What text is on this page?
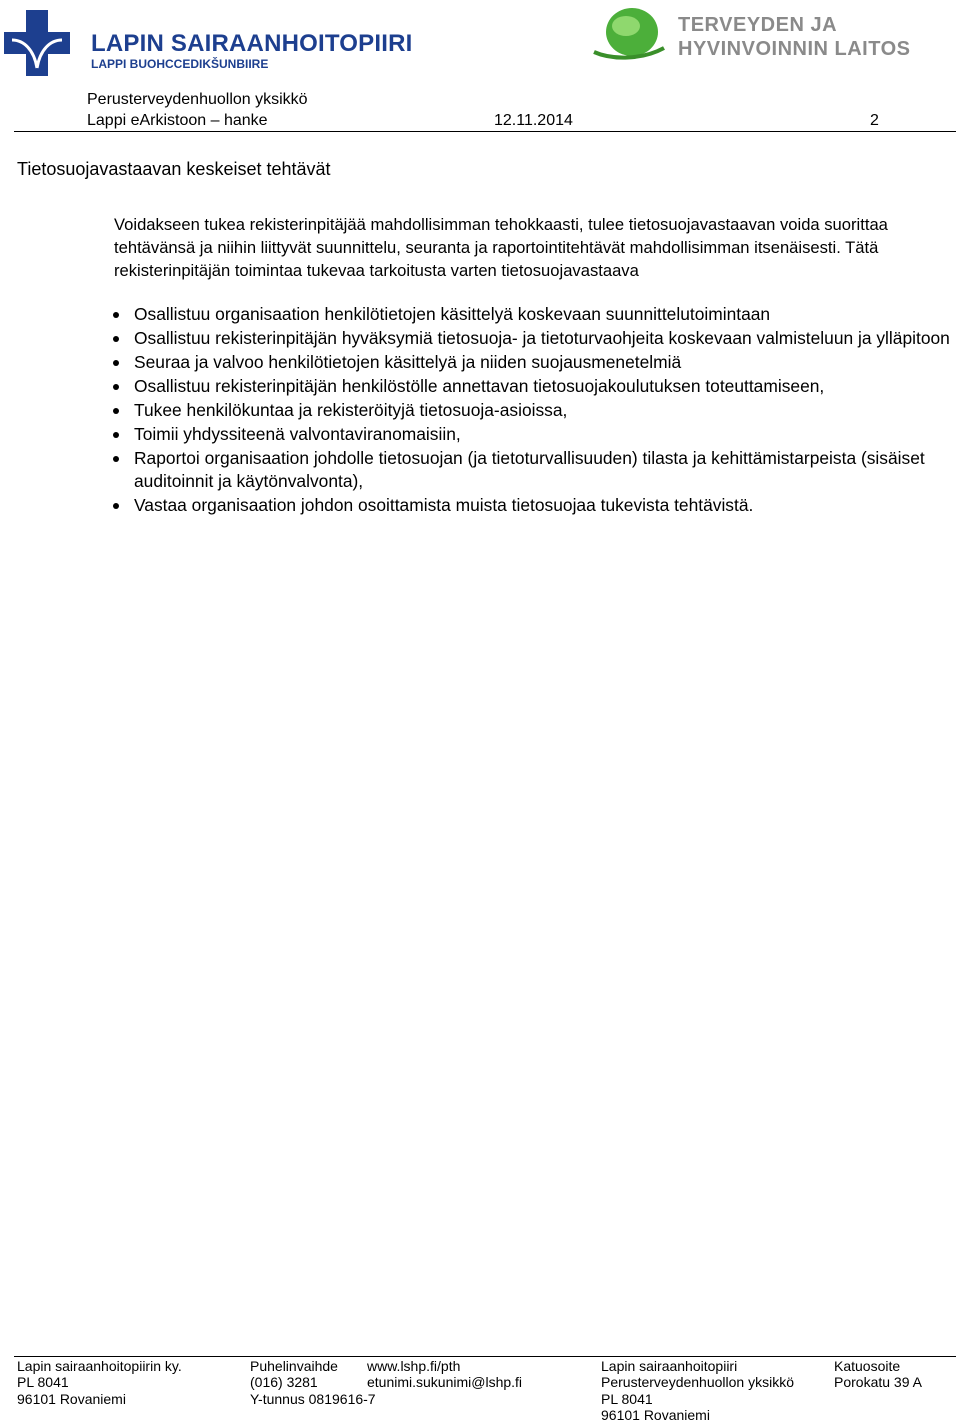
LAPIN SAIRAANHOITOPIIRI
LAPPI BUOHCCEDIKŠUNBIIRE
TERVEYDEN JA
HYVINVOINNIN LAITOS
Perusterveydenhuollon yksikkö
Lappi eArkistoon – hanke	12.11.2014	2
Tietosuojavastaavan keskeiset tehtävät
Voidakseen tukea rekisterinpitäjää mahdollisimman tehokkaasti, tulee tietosuojavastaavan voida suorittaa tehtävänsä ja niihin liittyvät suunnittelu, seuranta ja raportointitehtävät mahdollisimman itsenäisesti. Tätä rekisterinpitäjän toimintaa tukevaa tarkoitusta varten tietosuojavastaava
Osallistuu organisaation henkilötietojen käsittelyä koskevaan suunnittelutoimintaan
Osallistuu rekisterinpitäjän hyväksymiä tietosuoja- ja tietoturvaohjeita koskevaan valmisteluun ja ylläpitoon
Seuraa ja valvoo henkilötietojen käsittelyä ja niiden suojausmenetelmiä
Osallistuu rekisterinpitäjän henkilöstölle annettavan tietosuojakoulutuksen toteuttamiseen,
Tukee henkilökuntaa ja rekisteröityjä tietosuoja-asioissa,
Toimii yhdyssiteenä valvontaviranomaisiin,
Raportoi organisaation johdolle tietosuojan (ja tietoturvallisuuden) tilasta ja kehittämistarpeista (sisäiset auditoinnit ja käytönvalvonta),
Vastaa organisaation johdon osoittamista muista tietosuojaa tukevista tehtävistä.
Lapin sairaanhoitopiirin ky.
PL 8041
96101 Rovaniemi
Puhelinvaihde
(016) 3281
Y-tunnus 0819616-7
www.lshp.fi/pth
etunimi.sukunimi@lshp.fi
Lapin sairaanhoitopiiri
Perusterveydenhuollon yksikkö
PL 8041
96101 Rovaniemi
Katuosoite
Porokatu 39 A
